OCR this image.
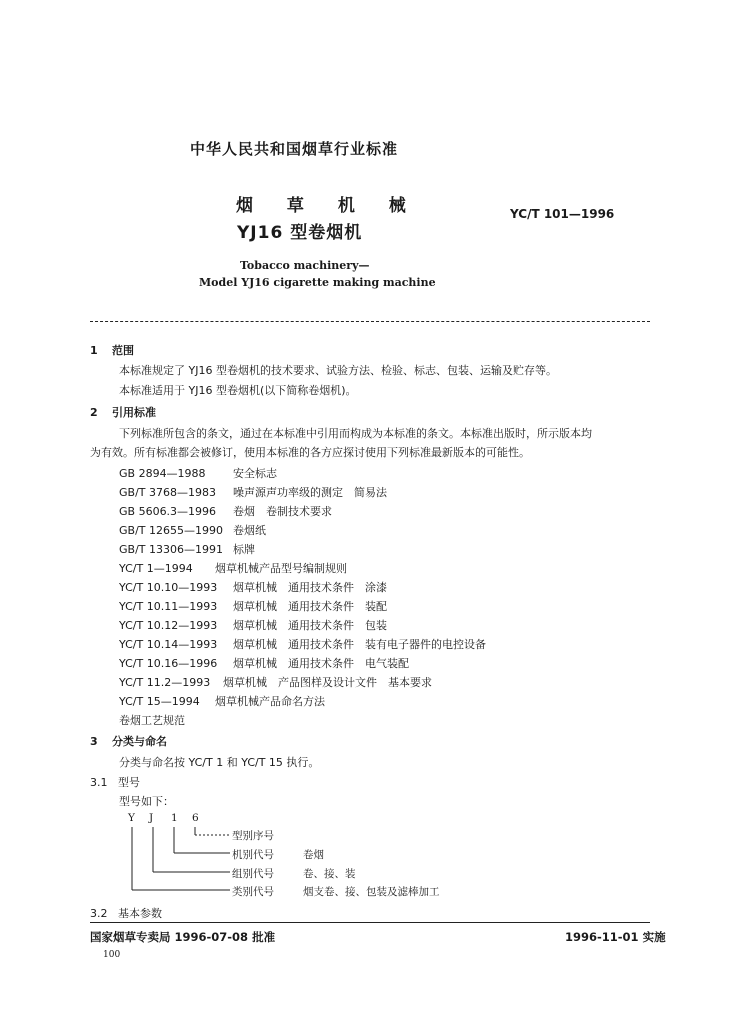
中华人民共和国烟草行业标准
烟 草 机 械
YJ16 型卷烟机
YC/T 101—1996
Tobacco machinery—
Model YJ16 cigarette making machine
1 范围
本标准规定了 YJ16 型卷烟机的技术要求、试验方法、检验、标志、包装、运输及贮存等。
本标准适用于 YJ16 型卷烟机(以下简称卷烟机)。
2 引用标准
下列标准所包含的条文，通过在本标准中引用而构成为本标准的条文。本标准出版时，所示版本均
为有效。所有标准都会被修订，使用本标准的各方应探讨使用下列标准最新版本的可能性。
GB 2894—1988 安全标志
GB/T 3768—1983 噪声源声功率级的测定　简易法
GB 5606.3—1996 卷烟　卷制技术要求
GB/T 12655—1990 卷烟纸
GB/T 13306—1991 标牌
YC/T 1—1994 烟草机械产品型号编制规则
YC/T 10.10—1993 烟草机械　通用技术条件　涂漆
YC/T 10.11—1993 烟草机械　通用技术条件　装配
YC/T 10.12—1993 烟草机械　通用技术条件　包装
YC/T 10.14—1993 烟草机械　通用技术条件　装有电子器件的电控设备
YC/T 10.16—1996 烟草机械　通用技术条件　电气装配
YC/T 11.2—1993 烟草机械　产品图样及设计文件　基本要求
YC/T 15—1994 烟草机械产品命名方法
卷烟工艺规范
3 分类与命名
分类与命名按 YC/T 1 和 YC/T 15 执行。
3.1 型号
型号如下：
Y J 1 6
型别序号
机别代号	卷烟
组别代号	卷、接、装
类别代号	烟支卷、接、包装及滤棒加工
3.2 基本参数
国家烟草专卖局 1996-07-08 批准	1996-11-01 实施
100
